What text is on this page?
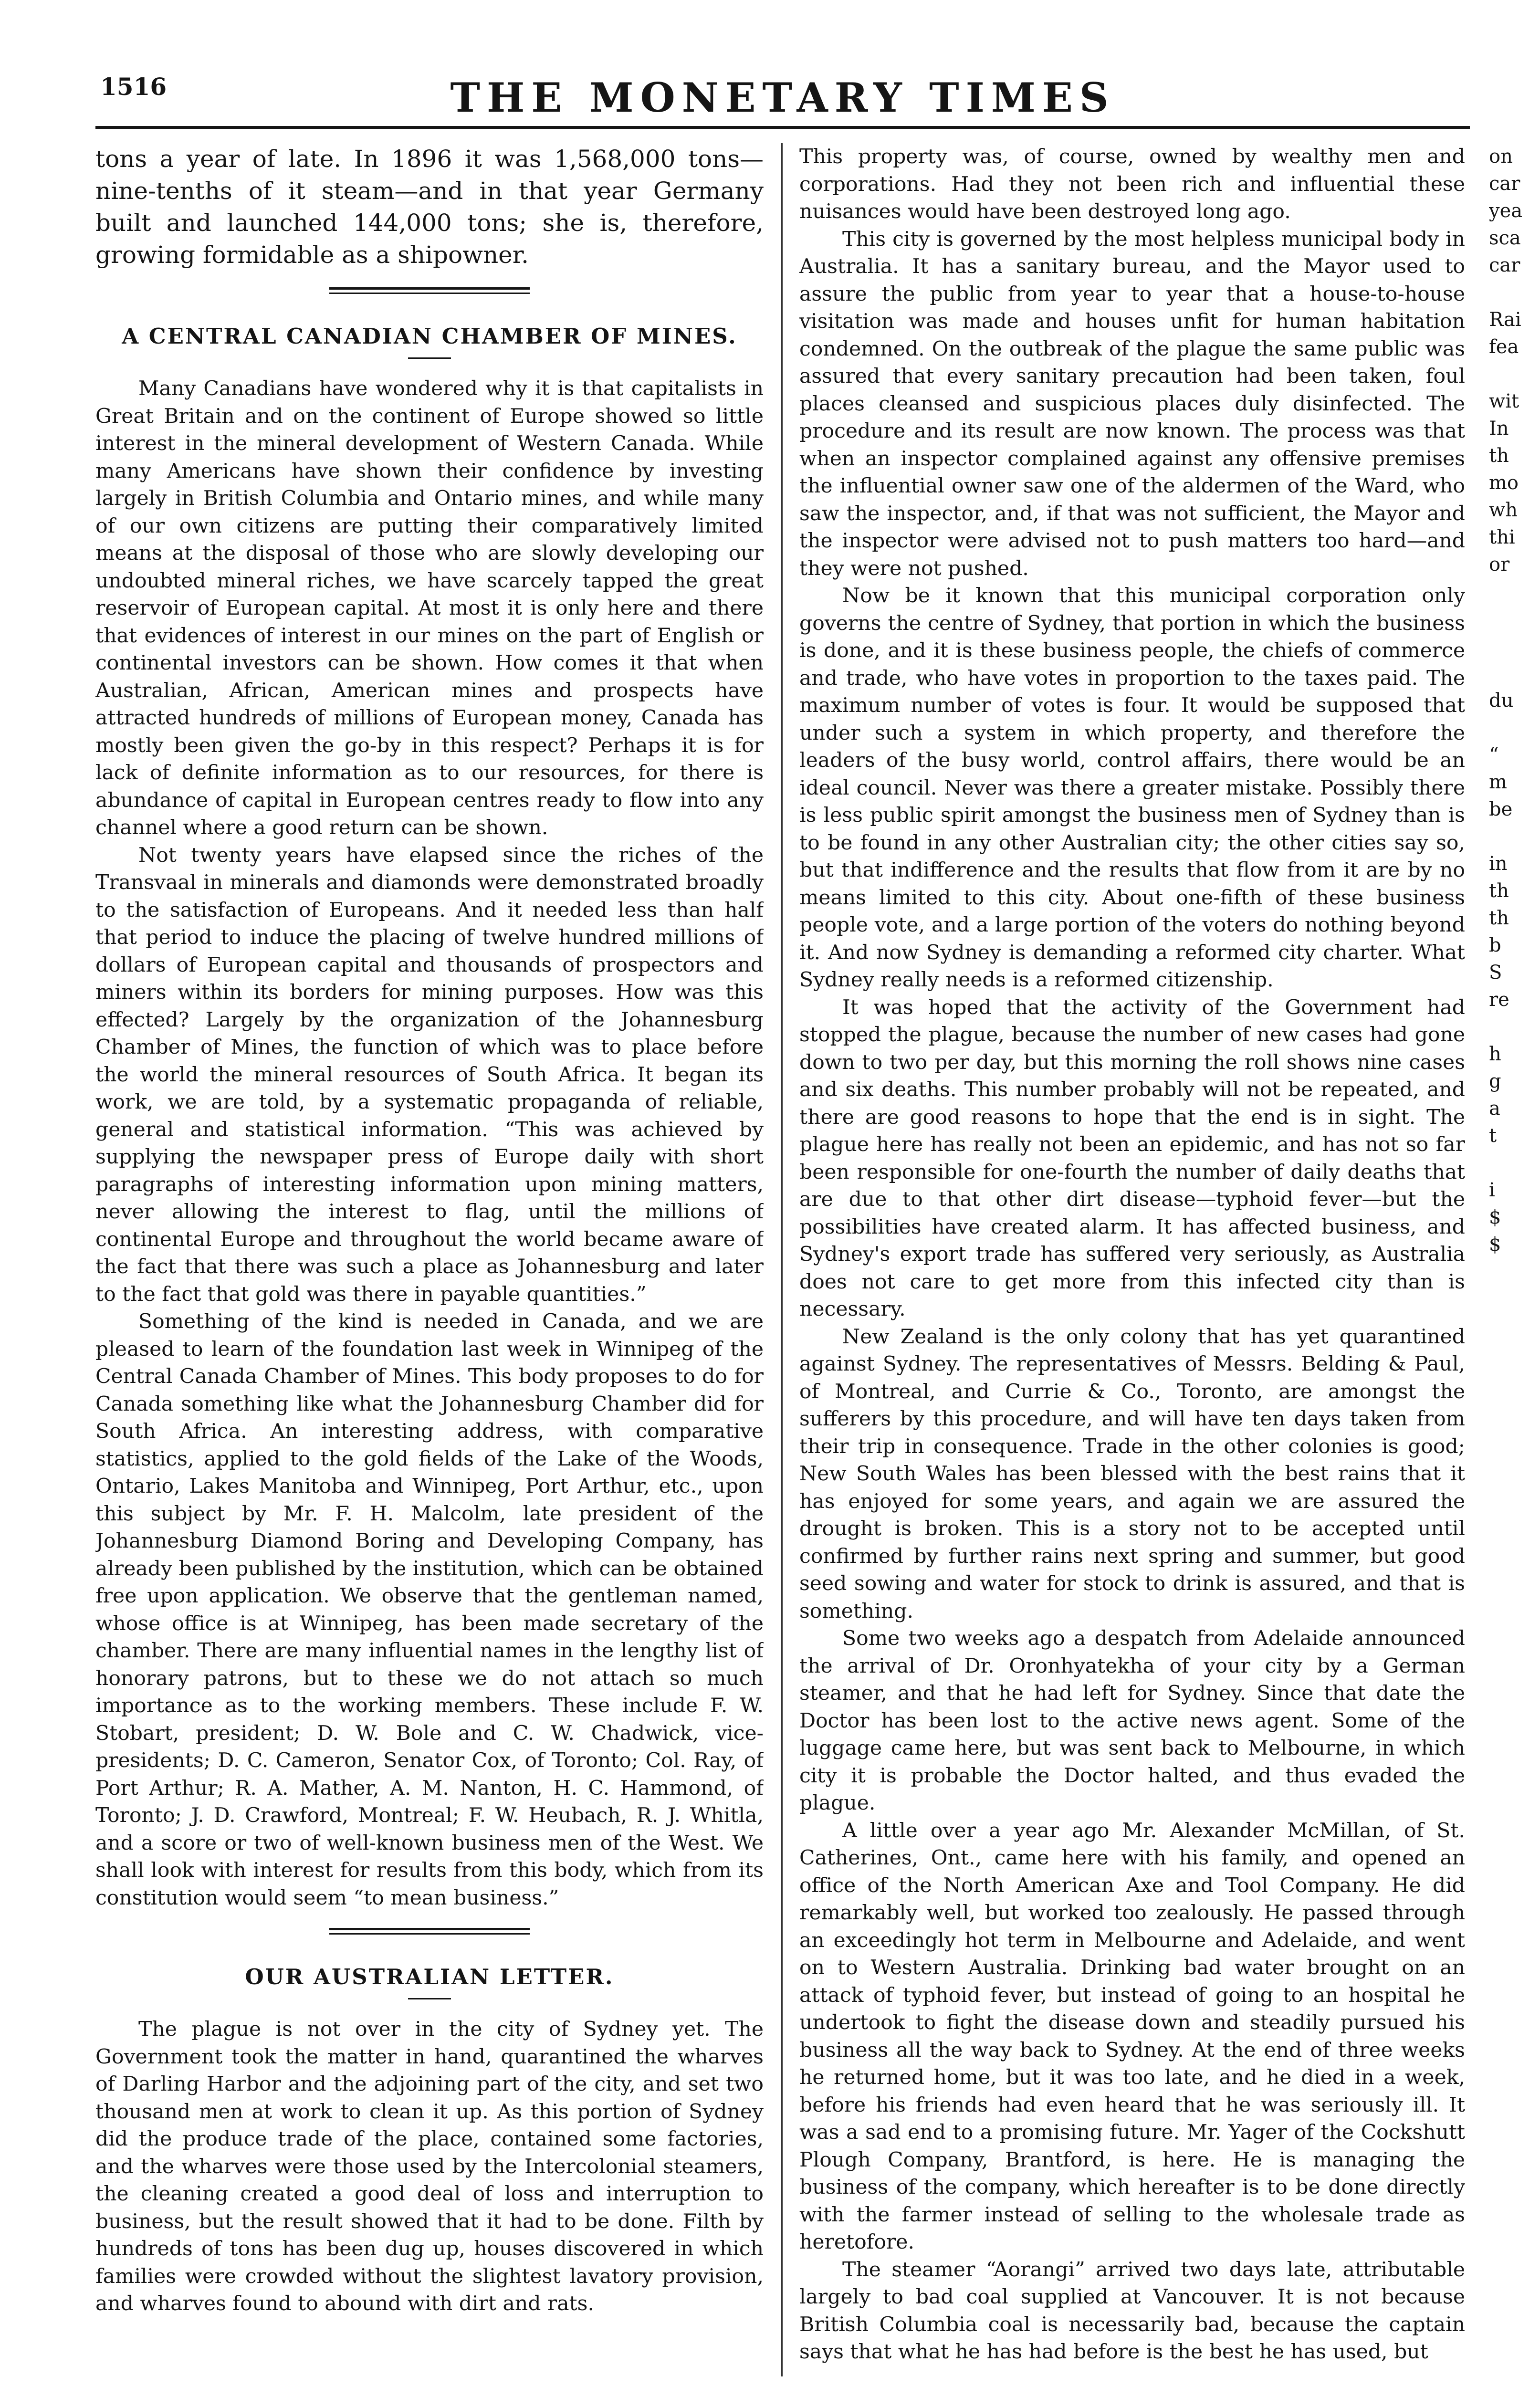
1516	THE MONETARY TIMES

tons a year of late. In 1896 it was 1,568,000 tons—nine-tenths of it steam—and in that year Germany built and launched 144,000 tons; she is, therefore, growing formidable as a shipowner.

A CENTRAL CANADIAN CHAMBER OF MINES.

Many Canadians have wondered why it is that capitalists in Great Britain and on the continent of Europe showed so little interest in the mineral development of Western Canada. While many Americans have shown their confidence by investing largely in British Columbia and Ontario mines, and while many of our own citizens are putting their comparatively limited means at the disposal of those who are slowly developing our undoubted mineral riches, we have scarcely tapped the great reservoir of European capital. At most it is only here and there that evidences of interest in our mines on the part of English or continental investors can be shown. How comes it that when Australian, African, American mines and prospects have attracted hundreds of millions of European money, Canada has mostly been given the go-by in this respect? Perhaps it is for lack of definite information as to our resources, for there is abundance of capital in European centres ready to flow into any channel where a good return can be shown.

Not twenty years have elapsed since the riches of the Transvaal in minerals and diamonds were demonstrated broadly to the satisfaction of Europeans. And it needed less than half that period to induce the placing of twelve hundred millions of dollars of European capital and thousands of prospectors and miners within its borders for mining purposes. How was this effected? Largely by the organization of the Johannesburg Chamber of Mines, the function of which was to place before the world the mineral resources of South Africa. It began its work, we are told, by a systematic propaganda of reliable, general and statistical information. “This was achieved by supplying the newspaper press of Europe daily with short paragraphs of interesting information upon mining matters, never allowing the interest to flag, until the millions of continental Europe and throughout the world became aware of the fact that there was such a place as Johannesburg and later to the fact that gold was there in payable quantities.”

Something of the kind is needed in Canada, and we are pleased to learn of the foundation last week in Winnipeg of the Central Canada Chamber of Mines. This body proposes to do for Canada something like what the Johannesburg Chamber did for South Africa. An interesting address, with comparative statistics, applied to the gold fields of the Lake of the Woods, Ontario, Lakes Manitoba and Winnipeg, Port Arthur, etc., upon this subject by Mr. F. H. Malcolm, late president of the Johannesburg Diamond Boring and Developing Company, has already been published by the institution, which can be obtained free upon application. We observe that the gentleman named, whose office is at Winnipeg, has been made secretary of the chamber. There are many influential names in the lengthy list of honorary patrons, but to these we do not attach so much importance as to the working members. These include F. W. Stobart, president; D. W. Bole and C. W. Chadwick, vice-presidents; D. C. Cameron, Senator Cox, of Toronto; Col. Ray, of Port Arthur; R. A. Mather, A. M. Nanton, H. C. Hammond, of Toronto; J. D. Crawford, Montreal; F. W. Heubach, R. J. Whitla, and a score or two of well-known business men of the West. We shall look with interest for results from this body, which from its constitution would seem “to mean business.”

OUR AUSTRALIAN LETTER.

The plague is not over in the city of Sydney yet. The Government took the matter in hand, quarantined the wharves of Darling Harbor and the adjoining part of the city, and set two thousand men at work to clean it up. As this portion of Sydney did the produce trade of the place, contained some factories, and the wharves were those used by the Intercolonial steamers, the cleaning created a good deal of loss and interruption to business, but the result showed that it had to be done. Filth by hundreds of tons has been dug up, houses discovered in which families were crowded without the slightest lavatory provision, and wharves found to abound with dirt and rats.

This property was, of course, owned by wealthy men and corporations. Had they not been rich and influential these nuisances would have been destroyed long ago.

This city is governed by the most helpless municipal body in Australia. It has a sanitary bureau, and the Mayor used to assure the public from year to year that a house-to-house visitation was made and houses unfit for human habitation condemned. On the outbreak of the plague the same public was assured that every sanitary precaution had been taken, foul places cleansed and suspicious places duly disinfected. The procedure and its result are now known. The process was that when an inspector complained against any offensive premises the influential owner saw one of the aldermen of the Ward, who saw the inspector, and, if that was not sufficient, the Mayor and the inspector were advised not to push matters too hard—and they were not pushed.

Now be it known that this municipal corporation only governs the centre of Sydney, that portion in which the business is done, and it is these business people, the chiefs of commerce and trade, who have votes in proportion to the taxes paid. The maximum number of votes is four. It would be supposed that under such a system in which property, and therefore the leaders of the busy world, control affairs, there would be an ideal council. Never was there a greater mistake. Possibly there is less public spirit amongst the business men of Sydney than is to be found in any other Australian city; the other cities say so, but that indifference and the results that flow from it are by no means limited to this city. About one-fifth of these business people vote, and a large portion of the voters do nothing beyond it. And now Sydney is demanding a reformed city charter. What Sydney really needs is a reformed citizenship.

It was hoped that the activity of the Government had stopped the plague, because the number of new cases had gone down to two per day, but this morning the roll shows nine cases and six deaths. This number probably will not be repeated, and there are good reasons to hope that the end is in sight. The plague here has really not been an epidemic, and has not so far been responsible for one-fourth the number of daily deaths that are due to that other dirt disease—typhoid fever—but the possibilities have created alarm. It has affected business, and Sydney's export trade has suffered very seriously, as Australia does not care to get more from this infected city than is necessary.

New Zealand is the only colony that has yet quarantined against Sydney. The representatives of Messrs. Belding & Paul, of Montreal, and Currie & Co., Toronto, are amongst the sufferers by this procedure, and will have ten days taken from their trip in consequence. Trade in the other colonies is good; New South Wales has been blessed with the best rains that it has enjoyed for some years, and again we are assured the drought is broken. This is a story not to be accepted until confirmed by further rains next spring and summer, but good seed sowing and water for stock to drink is assured, and that is something.

Some two weeks ago a despatch from Adelaide announced the arrival of Dr. Oronhyatekha of your city by a German steamer, and that he had left for Sydney. Since that date the Doctor has been lost to the active news agent. Some of the luggage came here, but was sent back to Melbourne, in which city it is probable the Doctor halted, and thus evaded the plague.

A little over a year ago Mr. Alexander McMillan, of St. Catherines, Ont., came here with his family, and opened an office of the North American Axe and Tool Company. He did remarkably well, but worked too zealously. He passed through an exceedingly hot term in Melbourne and Adelaide, and went on to Western Australia. Drinking bad water brought on an attack of typhoid fever, but instead of going to an hospital he undertook to fight the disease down and steadily pursued his business all the way back to Sydney. At the end of three weeks he returned home, but it was too late, and he died in a week, before his friends had even heard that he was seriously ill. It was a sad end to a promising future. Mr. Yager of the Cockshutt Plough Company, Brantford, is here. He is managing the business of the company, which hereafter is to be done directly with the farmer instead of selling to the wholesale trade as heretofore.

The steamer “Aorangi” arrived two days late, attributable largely to bad coal supplied at Vancouver. It is not because British Columbia coal is necessarily bad, because the captain says that what he has had before is the best he has used, but

on
car
yea
sca
car
Rai
fea
wit
In
th
mo
wh
thi
or
du
“
m
be
in
th
th
b
S
re
h
g
a
t
i
$
$
